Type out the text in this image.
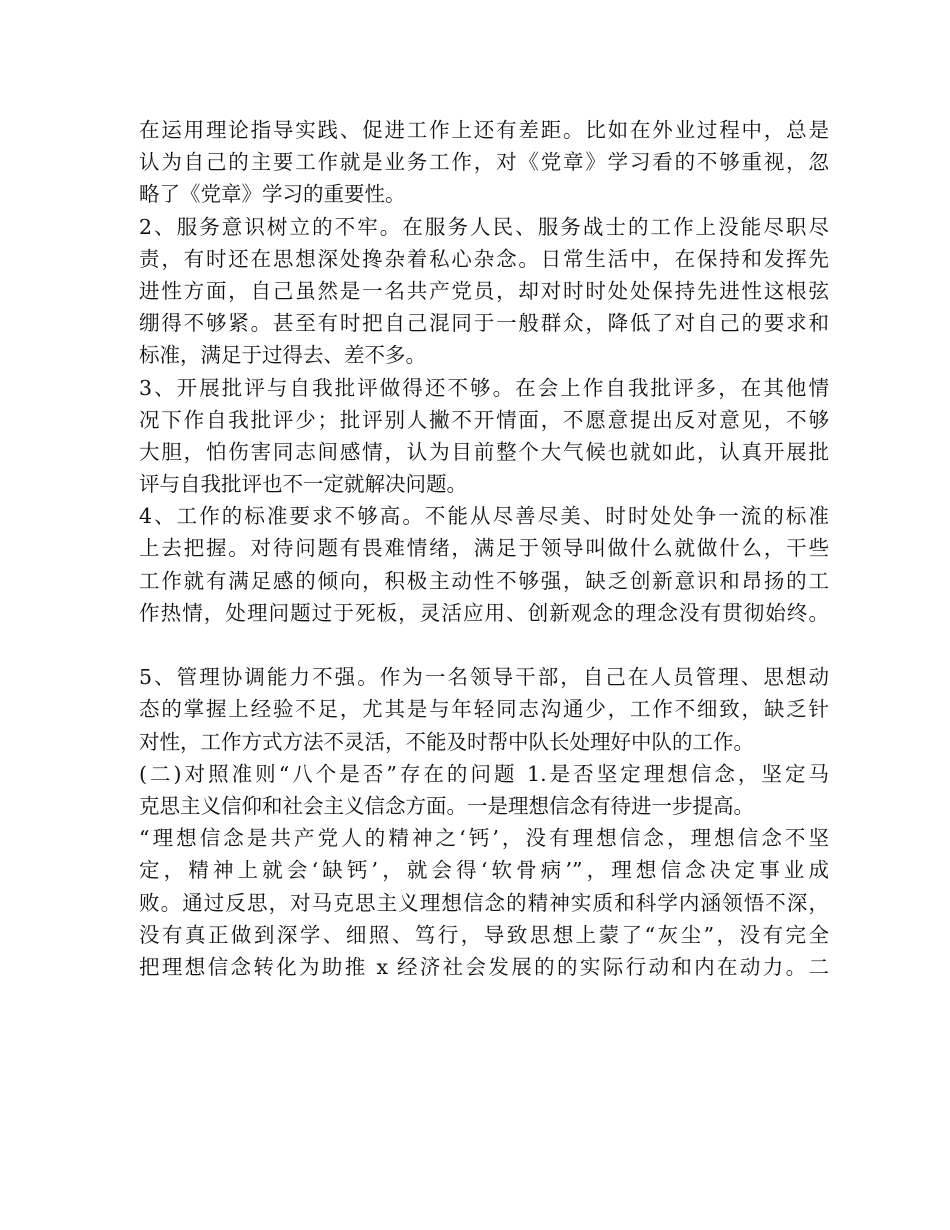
在运用理论指导实践、促进工作上还有差距。比如在外业过程中，总是
认为自己的主要工作就是业务工作，对《党章》学习看的不够重视，忽
略了《党章》学习的重要性。
2、服务意识树立的不牢。在服务人民、服务战士的工作上没能尽职尽
责，有时还在思想深处搀杂着私心杂念。日常生活中，在保持和发挥先
进性方面，自己虽然是一名共产党员，却对时时处处保持先进性这根弦
绷得不够紧。甚至有时把自己混同于一般群众，降低了对自己的要求和
标准，满足于过得去、差不多。
3、开展批评与自我批评做得还不够。在会上作自我批评多，在其他情
况下作自我批评少；批评别人撇不开情面，不愿意提出反对意见，不够
大胆，怕伤害同志间感情，认为目前整个大气候也就如此，认真开展批
评与自我批评也不一定就解决问题。
4、工作的标准要求不够高。不能从尽善尽美、时时处处争一流的标准
上去把握。对待问题有畏难情绪，满足于领导叫做什么就做什么，干些
工作就有满足感的倾向，积极主动性不够强，缺乏创新意识和昂扬的工
作热情，处理问题过于死板，灵活应用、创新观念的理念没有贯彻始终。
5、管理协调能力不强。作为一名领导干部，自己在人员管理、思想动
态的掌握上经验不足，尤其是与年轻同志沟通少，工作不细致，缺乏针
对性，工作方式方法不灵活，不能及时帮中队长处理好中队的工作。
(二)对照准则“八个是否”存在的问题 1.是否坚定理想信念，坚定马
克思主义信仰和社会主义信念方面。一是理想信念有待进一步提高。
“理想信念是共产党人的精神之‘钙’，没有理想信念，理想信念不坚
定，精神上就会‘缺钙’，就会得‘软骨病’”，理想信念决定事业成
败。通过反思，对马克思主义理想信念的精神实质和科学内涵领悟不深，
没有真正做到深学、细照、笃行，导致思想上蒙了“灰尘”，没有完全
把理想信念转化为助推 x 经济社会发展的的实际行动和内在动力。二
